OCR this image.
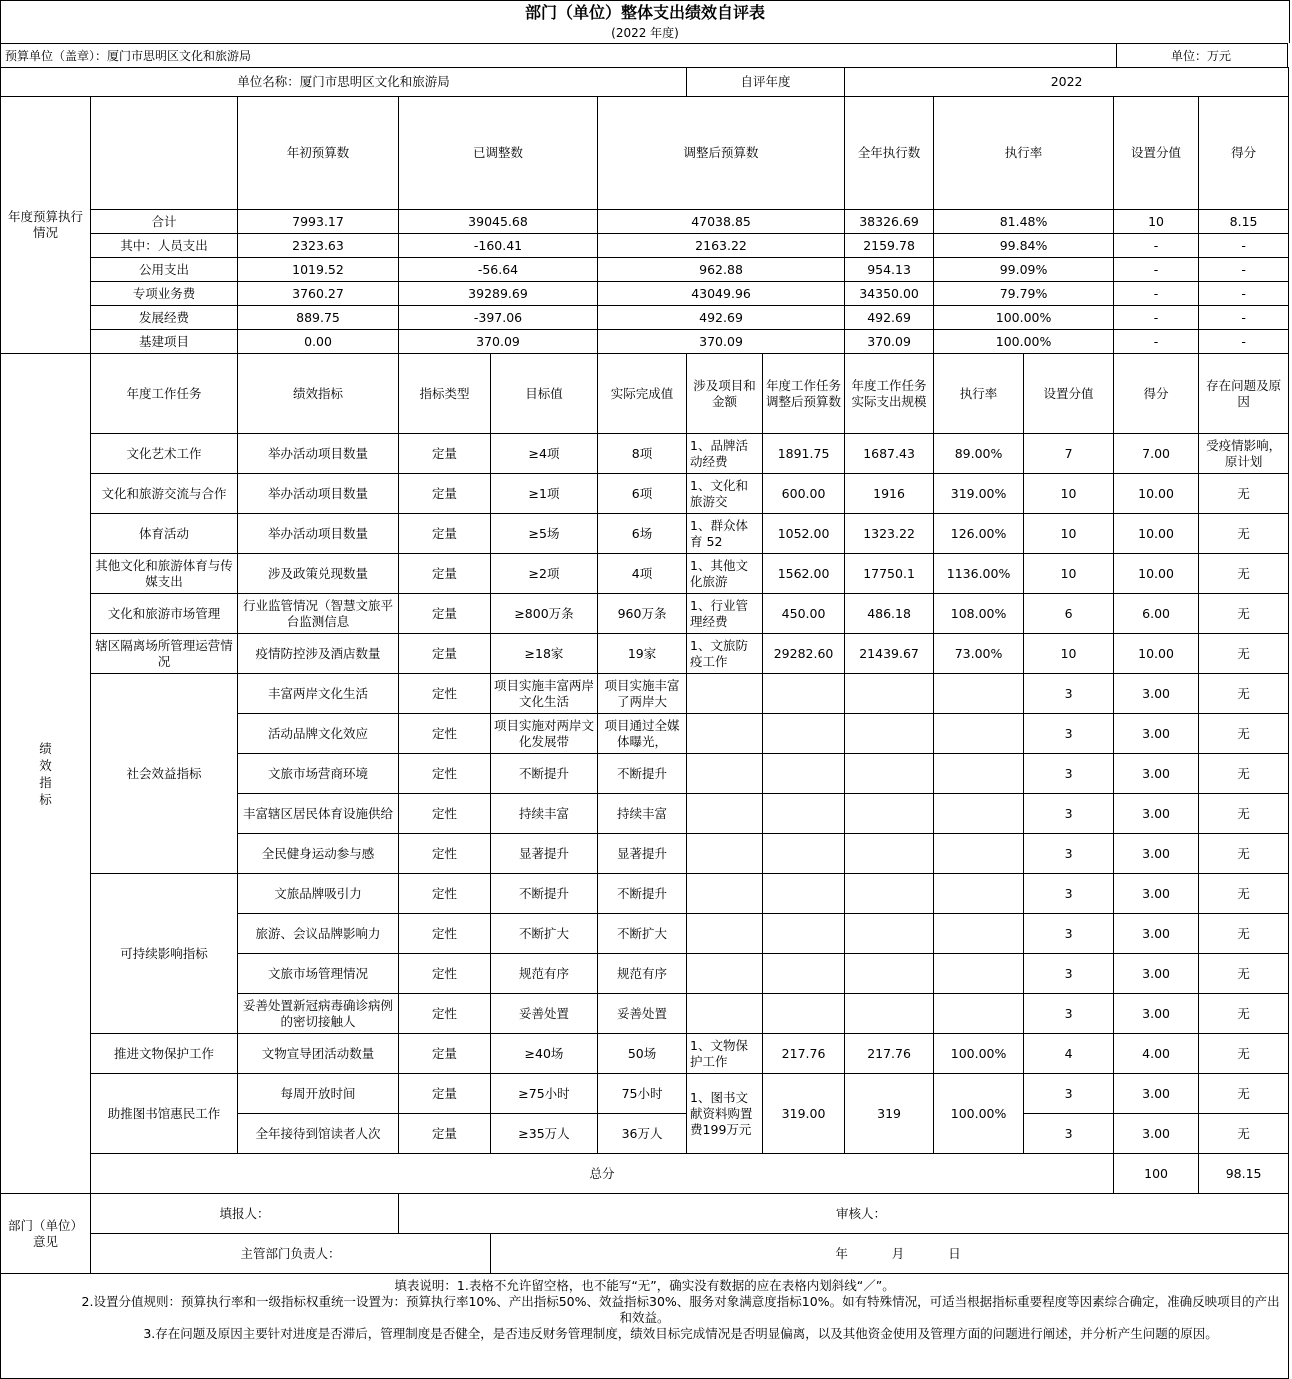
部门（单位）整体支出绩效自评表
(2022 年度)
预算单位（盖章）：厦门市思明区文化和旅游局	单位：万元
单位名称：厦门市思明区文化和旅游局						自评年度		2022					
年度预算执行情况		年初预算数	已调整数		调整后预算数			全年执行数	执行率		设置分值	得分	
	合计	7993.17	39045.68		47038.85			38326.69	81.48%		10	8.15	
	其中：人员支出	2323.63	-160.41		2163.22			2159.78	99.84%		-	-	
	公用支出	1019.52	-56.64		962.88			954.13	99.09%		-	-	
	专项业务费	3760.27	39289.69		43049.96			34350.00	79.79%		-	-	
	发展经费	889.75	-397.06		492.69			492.69	100.00%		-	-	
	基建项目	0.00	370.09		370.09			370.09	100.00%		-	-	

绩效指标	年度工作任务	绩效指标	指标类型	目标值	实际完成值	涉及项目和金额	年度工作任务调整后预算数	年度工作任务实际支出规模	执行率	设置分值	得分	存在问题及原因	
	文化艺术工作	举办活动项目数量	定量	≥4项	8项	1、品牌活动经费	1891.75	1687.43	89.00%	7	7.00	受疫情影响，原计划	

	文化和旅游交流与合作	举办活动项目数量	定量	≥1项	6项	1、文化和旅游交	600.00	1916	319.00%	10	10.00	无	
	体育活动	举办活动项目数量	定量	≥5场	6场	1、群众体育 52	1052.00	1323.22	126.00%	10	10.00	无	
	其他文化和旅游体育与传媒支出	涉及政策兑现数量	定量	≥2项	4项	1、其他文化旅游	1562.00	17750.1	1136.00%	10	10.00	无	
	文化和旅游市场管理	行业监管情况（智慧文旅平台监测信息	定量	≥800万条	960万条	1、行业管理经费	450.00	486.18	108.00%	6	6.00	无	
	辖区隔离场所管理运营情况	疫情防控涉及酒店数量	定量	≥18家	19家	1、文旅防疫工作	29282.60	21439.67	73.00%	10	10.00	无	
	社会效益指标	丰富两岸文化生活	定性	项目实施丰富两岸文化生活	项目实施丰富了两岸大					3	3.00	无	
		活动品牌文化效应	定性	项目实施对两岸文化发展带	项目通过全媒体曝光，					3	3.00	无	
		文旅市场营商环境	定性	不断提升	不断提升					3	3.00	无	
		丰富辖区居民体育设施供给	定性	持续丰富	持续丰富					3	3.00	无	
		全民健身运动参与感	定性	显著提升	显著提升					3	3.00	无	
	可持续影响指标	文旅品牌吸引力	定性	不断提升	不断提升					3	3.00	无	
		旅游、会议品牌影响力	定性	不断扩大	不断扩大					3	3.00	无	
		文旅市场管理情况	定性	规范有序	规范有序					3	3.00	无	

		妥善处置新冠病毒确诊病例的密切接触人	定性	妥善处置	妥善处置					3	3.00	无	
	推进文物保护工作	文物宣导团活动数量	定量	≥40场	50场	1、文物保护工作	217.76	217.76	100.00%	4	4.00	无	
	助推图书馆惠民工作	每周开放时间	定量	≥75小时	75小时	1、图书文献资料购置费199万元	319.00	319	100.00%	3	3.00	无	
		全年接待到馆读者人次	定量	≥35万人	36万人					3	3.00	无	
	总分										100	98.15	
部门（单位）意见	填报人：		审核人：										
	主管部门负责人：			年 月 日									

填表说明：1.表格不允许留空格，也不能写“无”，确实没有数据的应在表格内划斜线“／”。
2.设置分值规则：预算执行率和一级指标权重统一设置为：预算执行率10%、产出指标50%、效益指标30%、服务对象满意度指标10%。如有特殊情况，可适当根据指标重要程度等因素综合确定，准确反映项目的产出和效益。
3.存在问题及原因主要针对进度是否滞后，管理制度是否健全，是否违反财务管理制度，绩效目标完成情况是否明显偏离，以及其他资金使用及管理方面的问题进行阐述，并分析产生问题的原因。													
